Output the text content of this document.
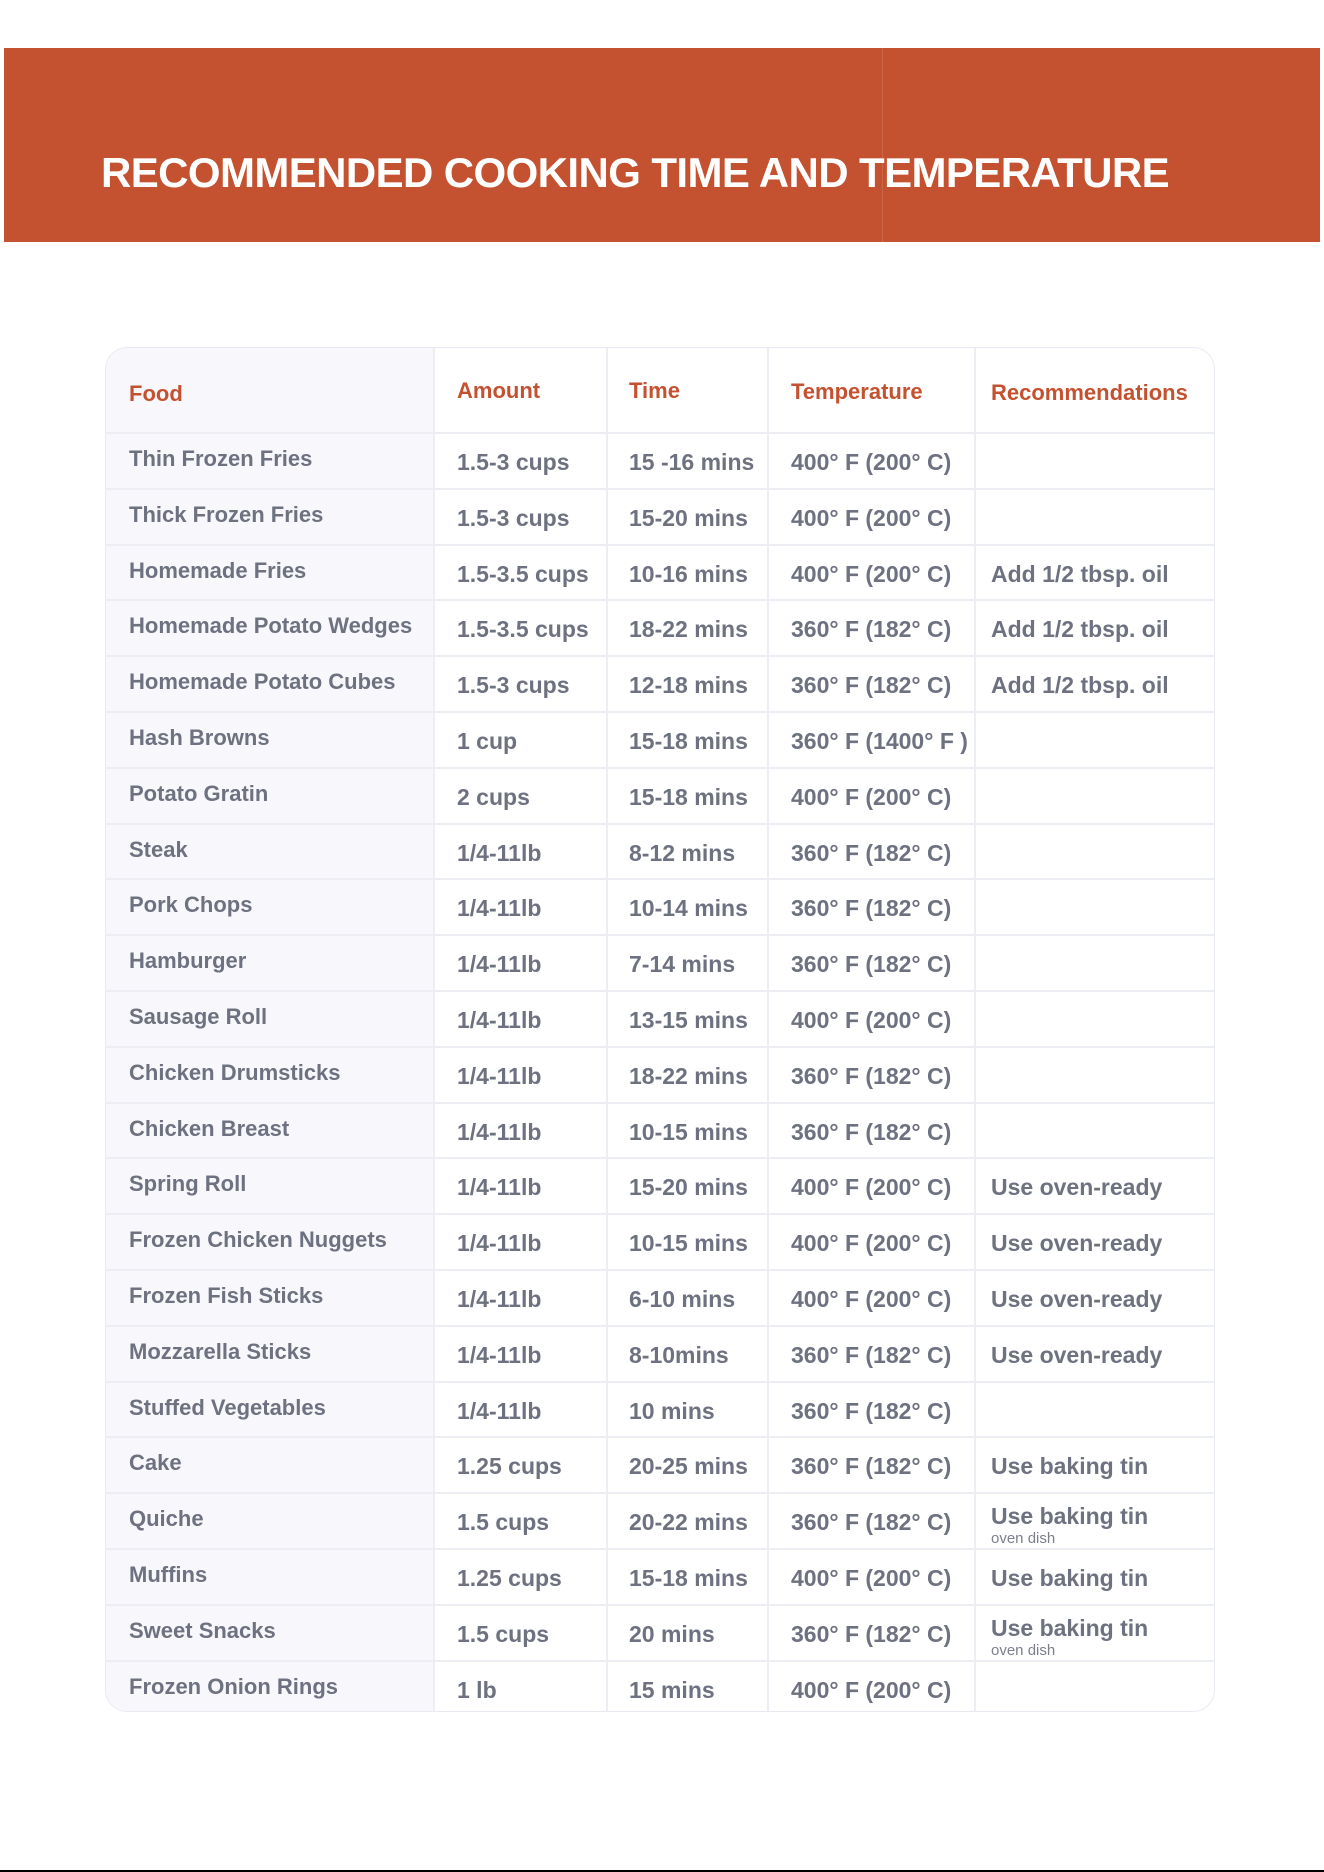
RECOMMENDED COOKING TIME AND TEMPERATURE
Food	Amount	Time	Temperature	Recommendations
Thin Frozen Fries	1.5-3 cups	15 -16 mins 400° F (200° C)
Thick Frozen Fries	1.5-3 cups	15-20 mins 400° F (200° C)
Homemade Fries	1.5-3.5 cups 10-16 mins 400° F (200° C) Add 1/2 tbsp. oil
Homemade Potato Wedges 1.5-3.5 cups 18-22 mins 360° F (182° C) Add 1/2 tbsp. oil
Homemade Potato Cubes	1.5-3 cups	12-18 mins 360° F (182° C) Add 1/2 tbsp. oil
Hash Browns	1 cup	15-18 mins 360° F (1400° F )
Potato Gratin	2 cups	15-18 mins 400° F (200° C)
Steak	1/4-11lb	8-12 mins 360° F (182° C)
Pork Chops	1/4-11lb	10-14 mins 360° F (182° C)
Hamburger	1/4-11lb	7-14 mins 360° F (182° C)
Sausage Roll	1/4-11lb	13-15 mins 400° F (200° C)
Chicken Drumsticks	1/4-11lb	18-22 mins 360° F (182° C)
Chicken Breast	1/4-11lb	10-15 mins 360° F (182° C)
Spring Roll	1/4-11lb	15-20 mins 400° F (200° C) Use oven-ready
Frozen Chicken Nuggets	1/4-11lb	10-15 mins 400° F (200° C) Use oven-ready
Frozen Fish Sticks	1/4-11lb	6-10 mins 400° F (200° C) Use oven-ready
Mozzarella Sticks	1/4-11lb	8-10mins	360° F (182° C) Use oven-ready
Stuffed Vegetables	1/4-11lb	10 mins	360° F (182° C)
Cake	1.25 cups	20-25 mins 360° F (182° C) Use baking tin
Quiche	1.5 cups	20-22 mins 360° F (182° C) Use baking tin
oven dish
Muffins	1.25 cups	15-18 mins 400° F (200° C) Use baking tin
Sweet Snacks	1.5 cups	20 mins	360° F (182° C) Use baking tin
oven dish
Frozen Onion Rings	1 lb	15 mins	400° F (200° C)
